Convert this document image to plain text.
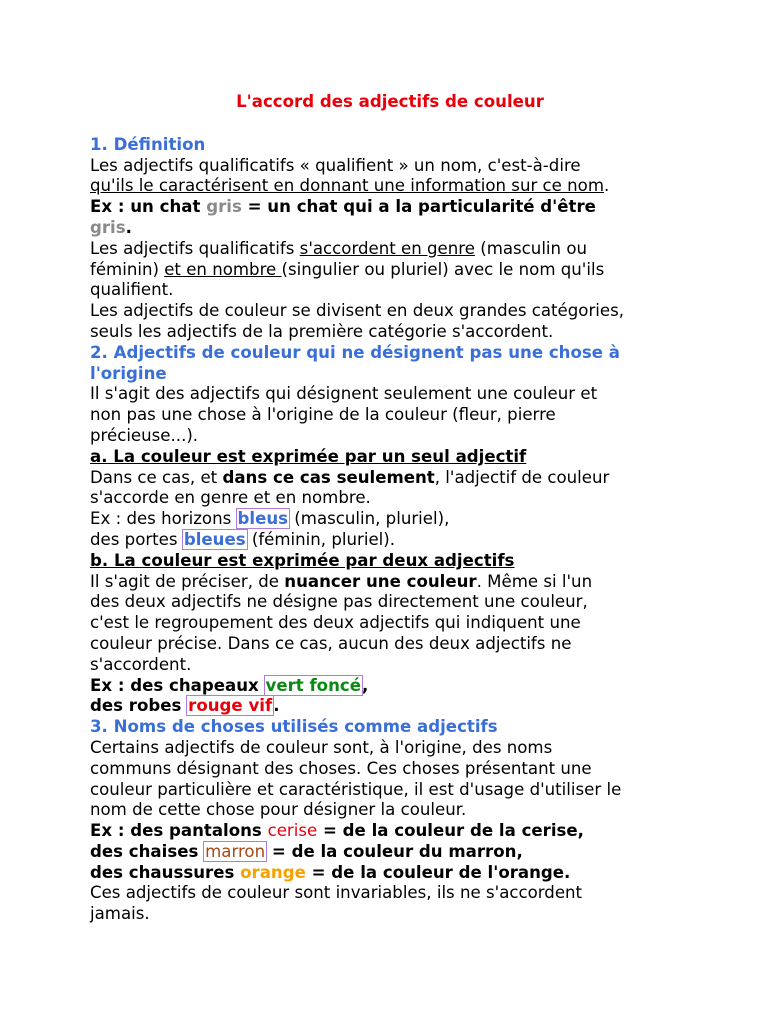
L'accord des adjectifs de couleur

1. Définition

Les adjectifs qualificatifs « qualifient » un nom, c'est-à-dire
qu'ils le caractérisent en donnant une information sur ce nom.

Ex : un chat gris = un chat qui a la particularité d'être
gris.

Les adjectifs qualificatifs s'accordent en genre (masculin ou
féminin) et en nombre (singulier ou pluriel) avec le nom qu'ils
qualifient.

Les adjectifs de couleur se divisent en deux grandes catégories,
seuls les adjectifs de la première catégorie s'accordent.

2. Adjectifs de couleur qui ne désignent pas une chose à
l'origine

Il s'agit des adjectifs qui désignent seulement une couleur et
non pas une chose à l'origine de la couleur (fleur, pierre
précieuse...).

a. La couleur est exprimée par un seul adjectif

Dans ce cas, et dans ce cas seulement, l'adjectif de couleur
s'accorde en genre et en nombre.

Ex : des horizons bleus (masculin, pluriel),
des portes bleues (féminin, pluriel).

b. La couleur est exprimée par deux adjectifs

Il s'agit de préciser, de nuancer une couleur. Même si l'un
des deux adjectifs ne désigne pas directement une couleur,
c'est le regroupement des deux adjectifs qui indiquent une
couleur précise. Dans ce cas, aucun des deux adjectifs ne
s'accordent.

Ex : des chapeaux vert foncé,
des robes rouge vif.

3. Noms de choses utilisés comme adjectifs

Certains adjectifs de couleur sont, à l'origine, des noms
communs désignant des choses. Ces choses présentant une
couleur particulière et caractéristique, il est d'usage d'utiliser le
nom de cette chose pour désigner la couleur.

Ex : des pantalons cerise = de la couleur de la cerise,
des chaises marron = de la couleur du marron,
des chaussures orange = de la couleur de l'orange.

Ces adjectifs de couleur sont invariables, ils ne s'accordent
jamais.
